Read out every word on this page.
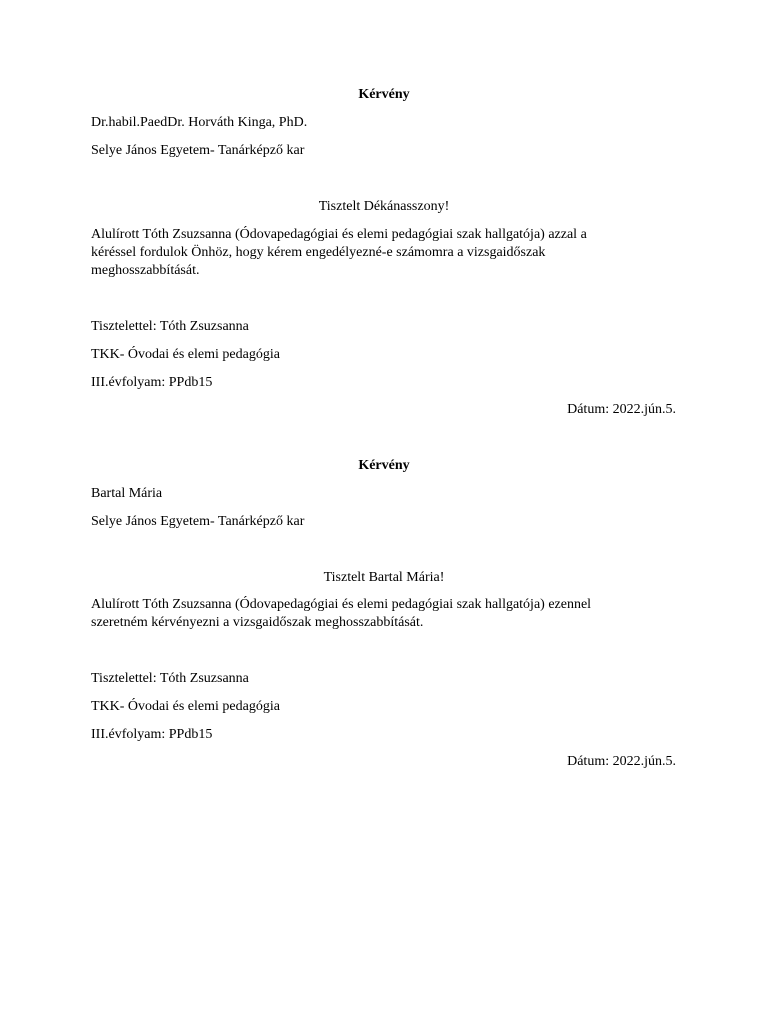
Kérvény
Dr.habil.PaedDr. Horváth Kinga, PhD.
Selye János Egyetem- Tanárképző kar
Tisztelt Dékánasszony!
Alulírott Tóth Zsuzsanna (Ódovapedagógiai és elemi pedagógiai szak hallgatója) azzal a
kéréssel fordulok Önhöz, hogy kérem engedélyezné-e számomra a vizsgaidőszak
meghosszabbítását.
Tisztelettel: Tóth Zsuzsanna
TKK- Óvodai és elemi pedagógia
III.évfolyam: PPdb15
Dátum: 2022.jún.5.
Kérvény
Bartal Mária
Selye János Egyetem- Tanárképző kar
Tisztelt Bartal Mária!
Alulírott Tóth Zsuzsanna (Ódovapedagógiai és elemi pedagógiai szak hallgatója) ezennel
szeretném kérvényezni a vizsgaidőszak meghosszabbítását.
Tisztelettel: Tóth Zsuzsanna
TKK- Óvodai és elemi pedagógia
III.évfolyam: PPdb15
Dátum: 2022.jún.5.
